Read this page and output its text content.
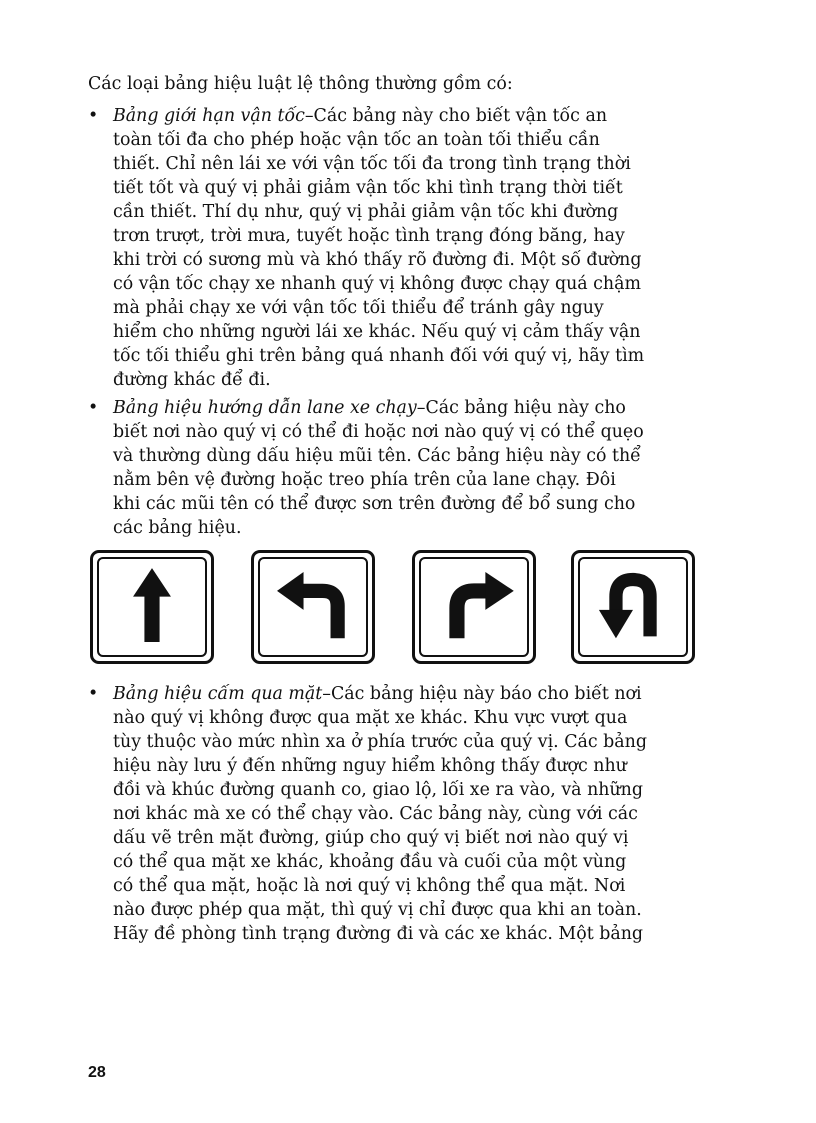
Các loại bảng hiệu luật lệ thông thường gồm có:

• Bảng giới hạn vận tốc–Các bảng này cho biết vận tốc an
toàn tối đa cho phép hoặc vận tốc an toàn tối thiểu cần
thiết. Chỉ nên lái xe với vận tốc tối đa trong tình trạng thời
tiết tốt và quý vị phải giảm vận tốc khi tình trạng thời tiết
cần thiết. Thí dụ như, quý vị phải giảm vận tốc khi đường
trơn trượt, trời mưa, tuyết hoặc tình trạng đóng băng, hay
khi trời có sương mù và khó thấy rõ đường đi. Một số đường
có vận tốc chạy xe nhanh quý vị không được chạy quá chậm
mà phải chạy xe với vận tốc tối thiểu để tránh gây nguy
hiểm cho những người lái xe khác. Nếu quý vị cảm thấy vận
tốc tối thiểu ghi trên bảng quá nhanh đối với quý vị, hãy tìm
đường khác để đi.
• Bảng hiệu hướng dẫn lane xe chạy–Các bảng hiệu này cho
biết nơi nào quý vị có thể đi hoặc nơi nào quý vị có thể quẹo
và thường dùng dấu hiệu mũi tên. Các bảng hiệu này có thể
nằm bên vệ đường hoặc treo phía trên của lane chạy. Đôi
khi các mũi tên có thể được sơn trên đường để bổ sung cho
các bảng hiệu.
• Bảng hiệu cấm qua mặt–Các bảng hiệu này báo cho biết nơi
nào quý vị không được qua mặt xe khác. Khu vực vượt qua
tùy thuộc vào mức nhìn xa ở phía trước của quý vị. Các bảng
hiệu này lưu ý đến những nguy hiểm không thấy được như
đồi và khúc đường quanh co, giao lộ, lối xe ra vào, và những
nơi khác mà xe có thể chạy vào. Các bảng này, cùng với các
dấu vẽ trên mặt đường, giúp cho quý vị biết nơi nào quý vị
có thể qua mặt xe khác, khoảng đầu và cuối của một vùng
có thể qua mặt, hoặc là nơi quý vị không thể qua mặt. Nơi
nào được phép qua mặt, thì quý vị chỉ được qua khi an toàn.
Hãy đề phòng tình trạng đường đi và các xe khác. Một bảng
28
